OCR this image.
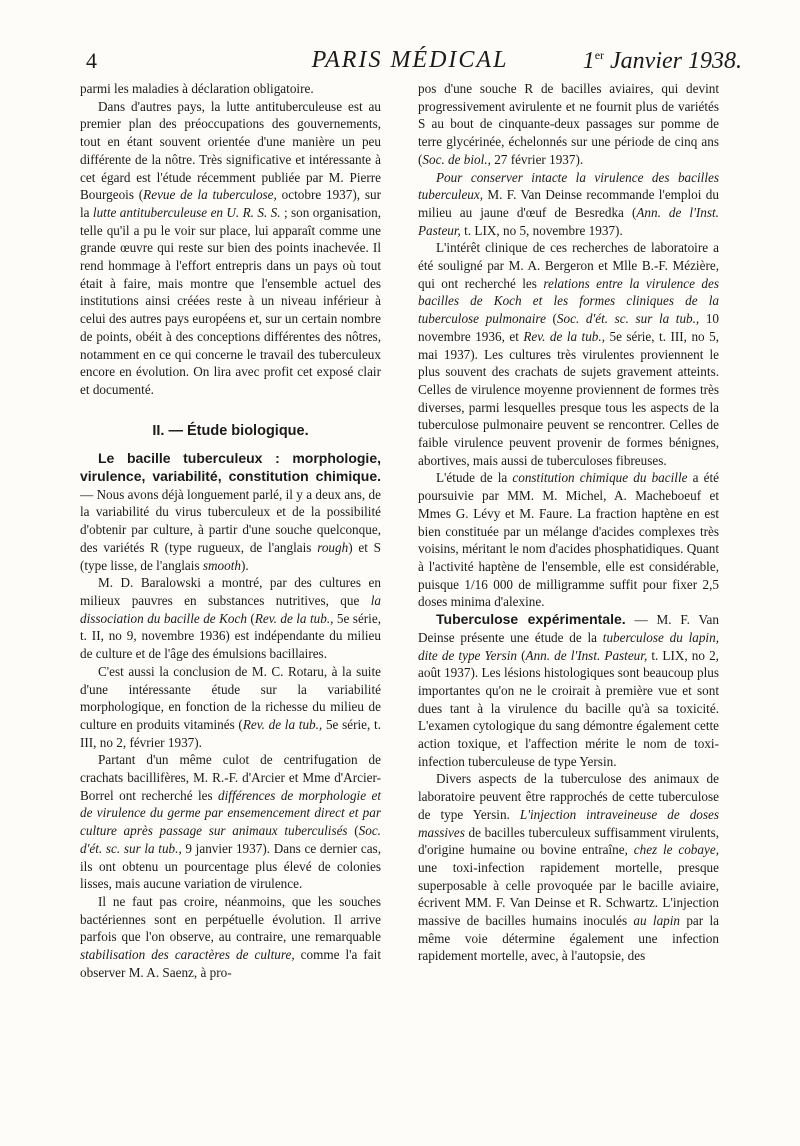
4	PARIS MÉDICAL	1er Janvier 1938.

parmi les maladies à déclaration obligatoire.

Dans d'autres pays, la lutte antituberculeuse est au premier plan des préoccupations des gouvernements, tout en étant souvent orientée d'une manière un peu différente de la nôtre. Très significative et intéressante à cet égard est l'étude récemment publiée par M. Pierre Bourgeois (Revue de la tuberculose, octobre 1937), sur la lutte antituberculeuse en U. R. S. S. ; son organisation, telle qu'il a pu le voir sur place, lui apparaît comme une grande œuvre qui reste sur bien des points inachevée. Il rend hommage à l'effort entrepris dans un pays où tout était à faire, mais montre que l'ensemble actuel des institutions ainsi créées reste à un niveau inférieur à celui des autres pays européens et, sur un certain nombre de points, obéit à des conceptions différentes des nôtres, notamment en ce qui concerne le travail des tuberculeux encore en évolution. On lira avec profit cet exposé clair et documenté.

II. — Étude biologique.

Le bacille tuberculeux : morphologie, virulence, variabilité, constitution chimique. — Nous avons déjà longuement parlé, il y a deux ans, de la variabilité du virus tuberculeux et de la possibilité d'obtenir par culture, à partir d'une souche quelconque, des variétés R (type rugueux, de l'anglais rough) et S (type lisse, de l'anglais smooth).

M. D. Baralowski a montré, par des cultures en milieux pauvres en substances nutritives, que la dissociation du bacille de Koch (Rev. de la tub., 5e série, t. II, no 9, novembre 1936) est indépendante du milieu de culture et de l'âge des émulsions bacillaires.

C'est aussi la conclusion de M. C. Rotaru, à la suite d'une intéressante étude sur la variabilité morphologique, en fonction de la richesse du milieu de culture en produits vitaminés (Rev. de la tub., 5e série, t. III, no 2, février 1937).

Partant d'un même culot de centrifugation de crachats bacillifères, M. R.-F. d'Arcier et Mme d'Arcier-Borrel ont recherché les différences de morphologie et de virulence du germe par ensemencement direct et par culture après passage sur animaux tuberculisés (Soc. d'ét. sc. sur la tub., 9 janvier 1937). Dans ce dernier cas, ils ont obtenu un pourcentage plus élevé de colonies lisses, mais aucune variation de virulence.

Il ne faut pas croire, néanmoins, que les souches bactériennes sont en perpétuelle évolution. Il arrive parfois que l'on observe, au contraire, une remarquable stabilisation des caractères de culture, comme l'a fait observer M. A. Saenz, à pro-

pos d'une souche R de bacilles aviaires, qui devint progressivement avirulente et ne fournit plus de variétés S au bout de cinquante-deux passages sur pomme de terre glycérinée, échelonnés sur une période de cinq ans (Soc. de biol., 27 février 1937).

Pour conserver intacte la virulence des bacilles tuberculeux, M. F. Van Deinse recommande l'emploi du milieu au jaune d'œuf de Besredka (Ann. de l'Inst. Pasteur, t. LIX, no 5, novembre 1937).

L'intérêt clinique de ces recherches de laboratoire a été souligné par M. A. Bergeron et Mlle B.-F. Mézière, qui ont recherché les relations entre la virulence des bacilles de Koch et les formes cliniques de la tuberculose pulmonaire (Soc. d'ét. sc. sur la tub., 10 novembre 1936, et Rev. de la tub., 5e série, t. III, no 5, mai 1937). Les cultures très virulentes proviennent le plus souvent des crachats de sujets gravement atteints. Celles de virulence moyenne proviennent de formes très diverses, parmi lesquelles presque tous les aspects de la tuberculose pulmonaire peuvent se rencontrer. Celles de faible virulence peuvent provenir de formes bénignes, abortives, mais aussi de tuberculoses fibreuses.

L'étude de la constitution chimique du bacille a été poursuivie par MM. M. Michel, A. Macheboeuf et Mmes G. Lévy et M. Faure. La fraction haptène en est bien constituée par un mélange d'acides complexes très voisins, méritant le nom d'acides phosphatidiques. Quant à l'activité haptène de l'ensemble, elle est considérable, puisque 1/16 000 de milligramme suffit pour fixer 2,5 doses minima d'alexine.

Tuberculose expérimentale. — M. F. Van Deinse présente une étude de la tuberculose du lapin, dite de type Yersin (Ann. de l'Inst. Pasteur, t. LIX, no 2, août 1937). Les lésions histologiques sont beaucoup plus importantes qu'on ne le croirait à première vue et sont dues tant à la virulence du bacille qu'à sa toxicité. L'examen cytologique du sang démontre également cette action toxique, et l'affection mérite le nom de toxi-infection tuberculeuse de type Yersin.

Divers aspects de la tuberculose des animaux de laboratoire peuvent être rapprochés de cette tuberculose de type Yersin. L'injection intraveineuse de doses massives de bacilles tuberculeux suffisamment virulents, d'origine humaine ou bovine entraîne, chez le cobaye, une toxi-infection rapidement mortelle, presque superposable à celle provoquée par le bacille aviaire, écrivent MM. F. Van Deinse et R. Schwartz. L'injection massive de bacilles humains inoculés au lapin par la même voie détermine également une infection rapidement mortelle, avec, à l'autopsie, des
